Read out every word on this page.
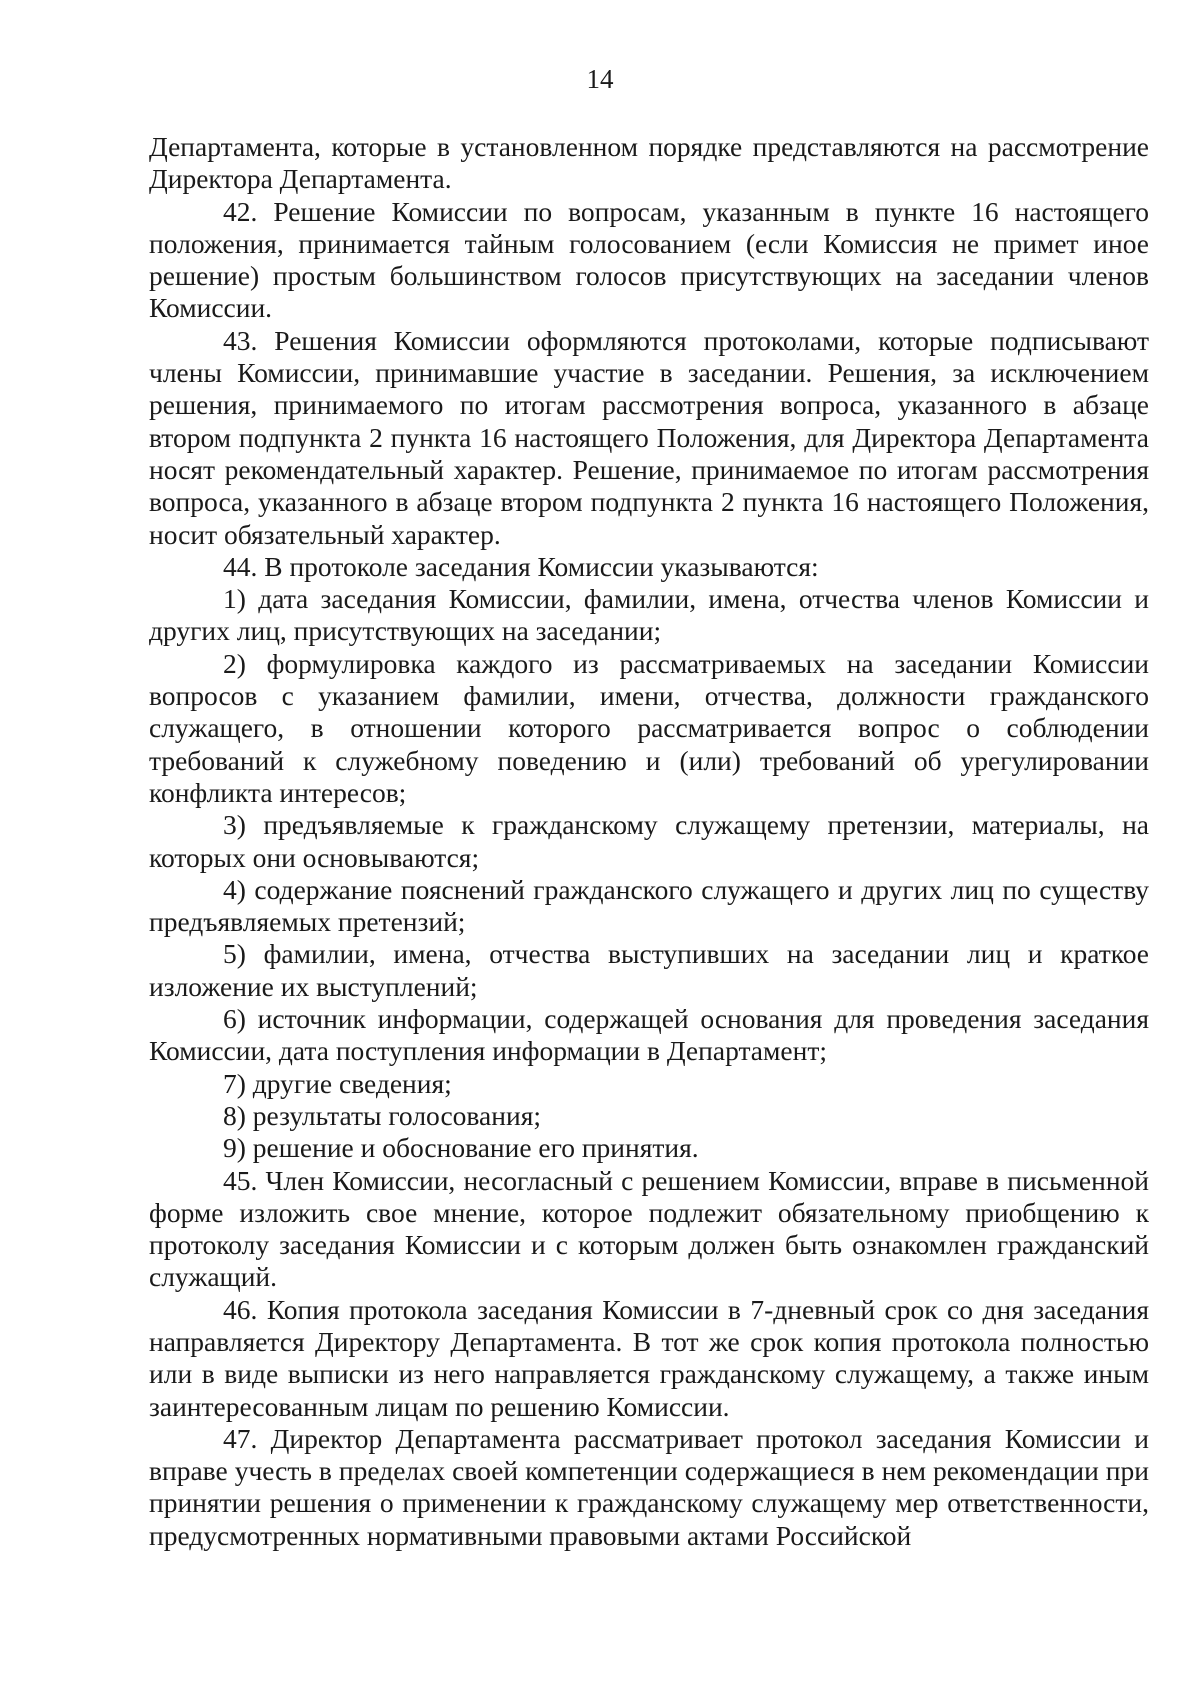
14

Департамента, которые в установленном порядке представляются на рассмотрение Директора Департамента.

42. Решение Комиссии по вопросам, указанным в пункте 16 настоящего положения, принимается тайным голосованием (если Комиссия не примет иное решение) простым большинством голосов присутствующих на заседании членов Комиссии.

43. Решения Комиссии оформляются протоколами, которые подписывают члены Комиссии, принимавшие участие в заседании. Решения, за исключением решения, принимаемого по итогам рассмотрения вопроса, указанного в абзаце втором подпункта 2 пункта 16 настоящего Положения, для Директора Департамента носят рекомендательный характер. Решение, принимаемое по итогам рассмотрения вопроса, указанного в абзаце втором подпункта 2 пункта 16 настоящего Положения, носит обязательный характер.

44. В протоколе заседания Комиссии указываются:

1) дата заседания Комиссии, фамилии, имена, отчества членов Комиссии и других лиц, присутствующих на заседании;

2) формулировка каждого из рассматриваемых на заседании Комиссии вопросов с указанием фамилии, имени, отчества, должности гражданского служащего, в отношении которого рассматривается вопрос о соблюдении требований к служебному поведению и (или) требований об урегулировании конфликта интересов;

3) предъявляемые к гражданскому служащему претензии, материалы, на которых они основываются;

4) содержание пояснений гражданского служащего и других лиц по существу предъявляемых претензий;

5) фамилии, имена, отчества выступивших на заседании лиц и краткое изложение их выступлений;

6) источник информации, содержащей основания для проведения заседания Комиссии, дата поступления информации в Департамент;

7) другие сведения;

8) результаты голосования;

9) решение и обоснование его принятия.

45. Член Комиссии, несогласный с решением Комиссии, вправе в письменной форме изложить свое мнение, которое подлежит обязательному приобщению к протоколу заседания Комиссии и с которым должен быть ознакомлен гражданский служащий.

46. Копия протокола заседания Комиссии в 7-дневный срок со дня заседания направляется Директору Департамента. В тот же срок копия протокола полностью или в виде выписки из него направляется гражданскому служащему, а также иным заинтересованным лицам по решению Комиссии.

47. Директор Департамента рассматривает протокол заседания Комиссии и вправе учесть в пределах своей компетенции содержащиеся в нем рекомендации при принятии решения о применении к гражданскому служащему мер ответственности, предусмотренных нормативными правовыми актами Российской
